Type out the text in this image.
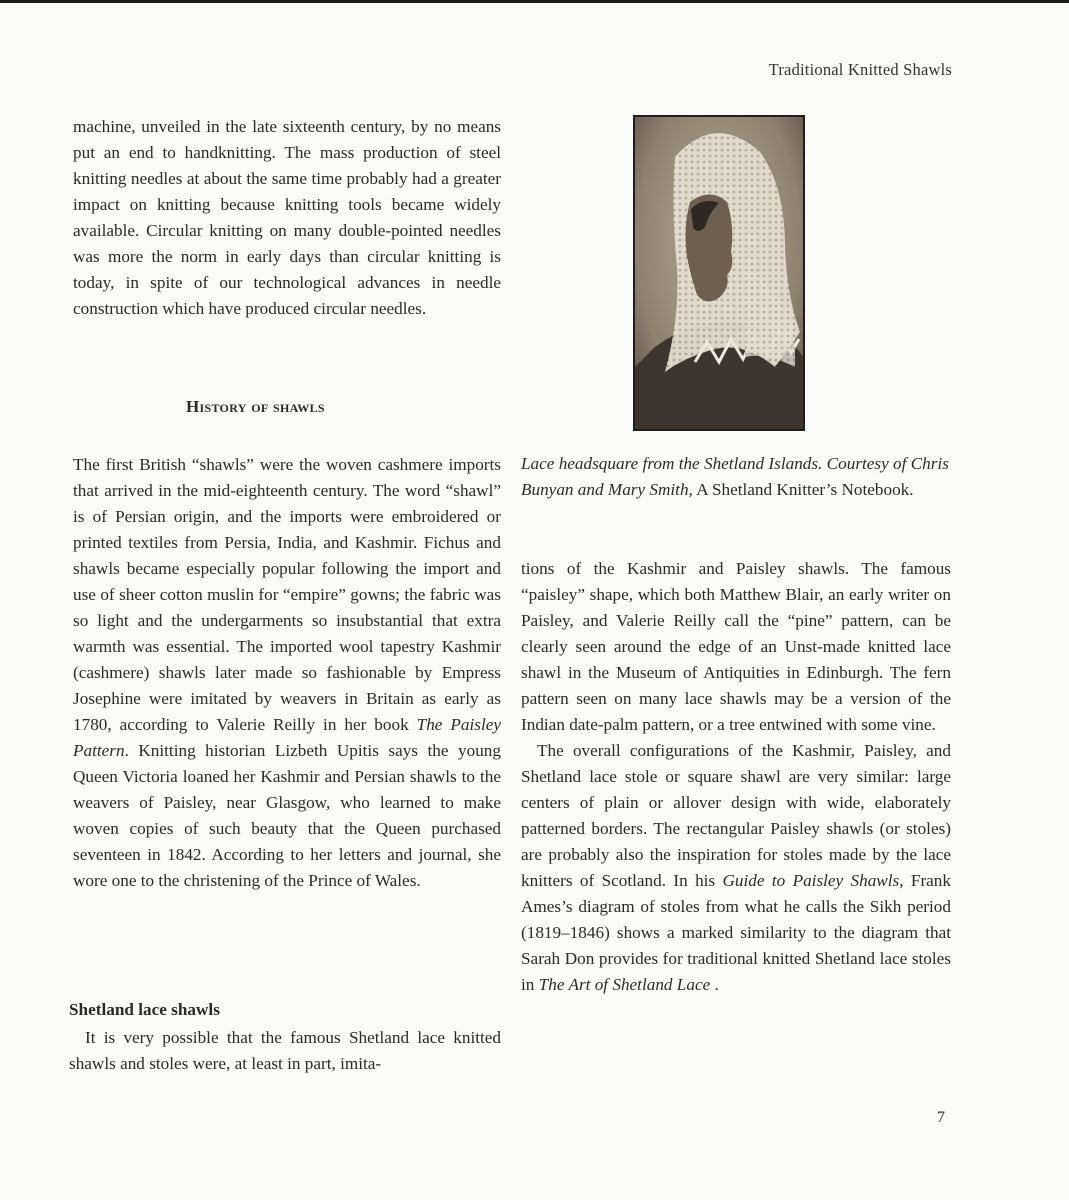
Traditional Knitted Shawls

machine, unveiled in the late sixteenth century, by no means put an end to handknitting. The mass production of steel knitting needles at about the same time probably had a greater impact on knitting because knitting tools became widely available. Circular knitting on many double-pointed needles was more the norm in early days than circular knitting is today, in spite of our technological advances in needle construction which have produced circular needles.

History of shawls

The first British “shawls” were the woven cashmere imports that arrived in the mid-eighteenth century. The word “shawl” is of Persian origin, and the imports were embroidered or printed textiles from Persia, India, and Kashmir. Fichus and shawls became especially popular following the import and use of sheer cotton muslin for “empire” gowns; the fabric was so light and the undergarments so insubstantial that extra warmth was essential. The imported wool tapestry Kashmir (cashmere) shawls later made so fashionable by Empress Josephine were imitated by weavers in Britain as early as 1780, according to Valerie Reilly in her book The Paisley Pattern. Knitting historian Lizbeth Upitis says the young Queen Victoria loaned her Kashmir and Persian shawls to the weavers of Paisley, near Glasgow, who learned to make woven copies of such beauty that the Queen purchased seventeen in 1842. According to her letters and journal, she wore one to the christening of the Prince of Wales.

Shetland lace shawls

It is very possible that the famous Shetland lace knitted shawls and stoles were, at least in part, imita-

Lace headsquare from the Shetland Islands. Courtesy of Chris Bunyan and Mary Smith, A Shetland Knitter’s Notebook.

tions of the Kashmir and Paisley shawls. The famous “paisley” shape, which both Matthew Blair, an early writer on Paisley, and Valerie Reilly call the “pine” pattern, can be clearly seen around the edge of an Unst-made knitted lace shawl in the Museum of Antiquities in Edinburgh. The fern pattern seen on many lace shawls may be a version of the Indian date-palm pattern, or a tree entwined with some vine.

The overall configurations of the Kashmir, Paisley, and Shetland lace stole or square shawl are very similar: large centers of plain or allover design with wide, elaborately patterned borders. The rectangular Paisley shawls (or stoles) are probably also the inspiration for stoles made by the lace knitters of Scotland. In his Guide to Paisley Shawls, Frank Ames’s diagram of stoles from what he calls the Sikh period (1819–1846) shows a marked similarity to the diagram that Sarah Don provides for traditional knitted Shetland lace stoles in The Art of Shetland Lace .

7
